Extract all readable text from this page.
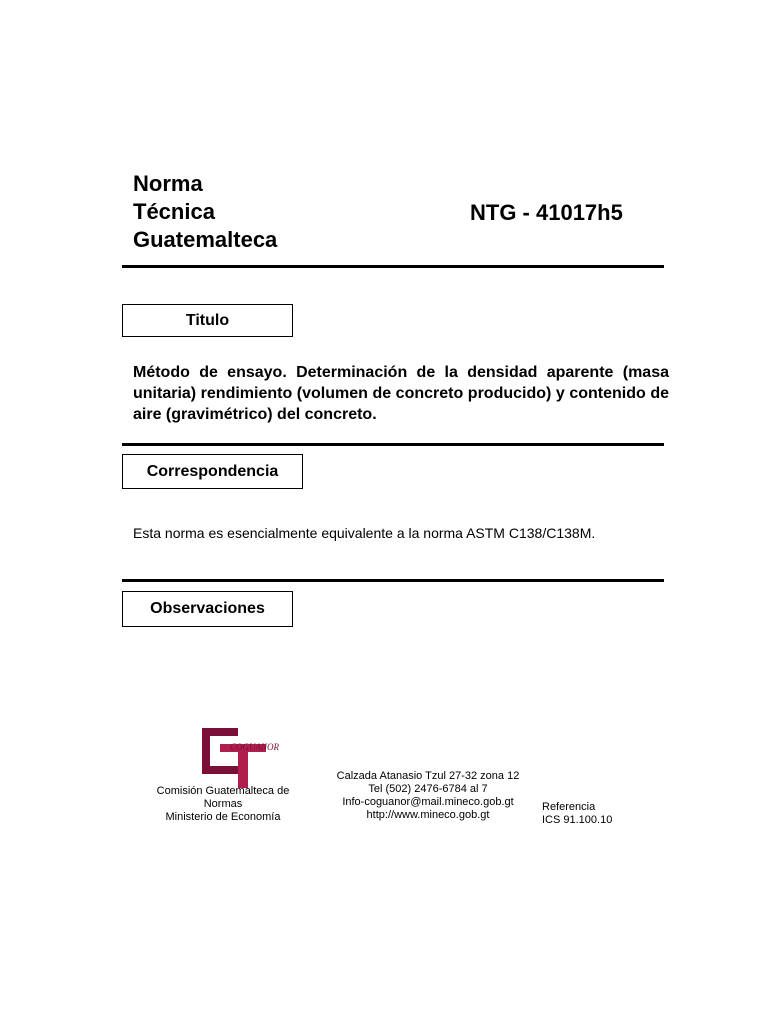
Norma
Técnica
Guatemalteca
NTG - 41017h5
Titulo
Método de ensayo. Determinación de la densidad aparente (masa unitaria) rendimiento (volumen de concreto producido) y contenido de aire (gravimétrico) del concreto.
Correspondencia
Esta norma es esencialmente equivalente a la norma ASTM C138/C138M.
Observaciones
COGUANOR
Comisión Guatemalteca de Normas
Ministerio de Economía
Calzada Atanasio Tzul 27-32 zona 12
Tel (502) 2476-6784 al 7
Info-coguanor@mail.mineco.gob.gt
http://www.mineco.gob.gt
Referencia
ICS 91.100.10
